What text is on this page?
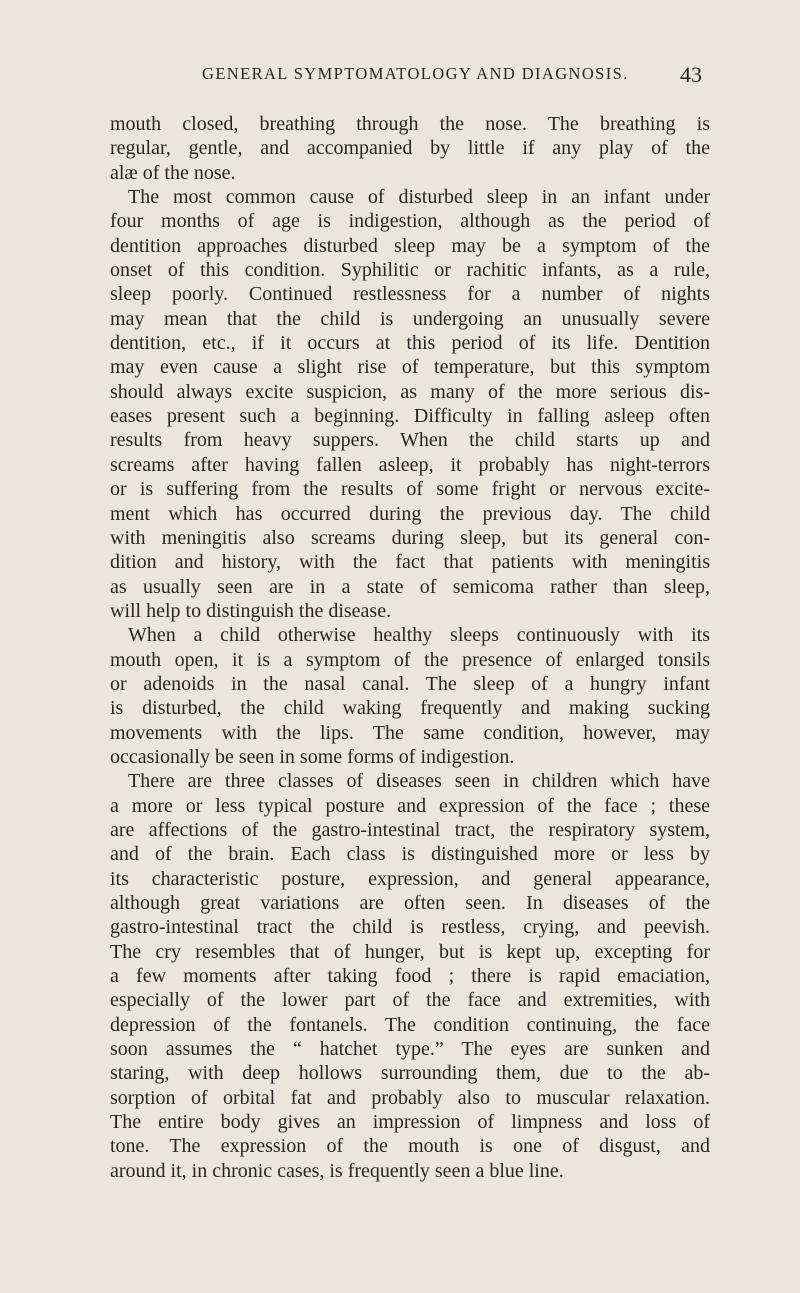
GENERAL SYMPTOMATOLOGY AND DIAGNOSIS. 43
mouth closed, breathing through the nose. The breathing is
regular, gentle, and accompanied by little if any play of the
alæ of the nose.
The most common cause of disturbed sleep in an infant under
four months of age is indigestion, although as the period of
dentition approaches disturbed sleep may be a symptom of the
onset of this condition. Syphilitic or rachitic infants, as a rule,
sleep poorly. Continued restlessness for a number of nights
may mean that the child is undergoing an unusually severe
dentition, etc., if it occurs at this period of its life. Dentition
may even cause a slight rise of temperature, but this symptom
should always excite suspicion, as many of the more serious dis-
eases present such a beginning. Difficulty in falling asleep often
results from heavy suppers. When the child starts up and
screams after having fallen asleep, it probably has night-terrors
or is suffering from the results of some fright or nervous excite-
ment which has occurred during the previous day. The child
with meningitis also screams during sleep, but its general con-
dition and history, with the fact that patients with meningitis
as usually seen are in a state of semicoma rather than sleep,
will help to distinguish the disease.
When a child otherwise healthy sleeps continuously with its
mouth open, it is a symptom of the presence of enlarged tonsils
or adenoids in the nasal canal. The sleep of a hungry infant
is disturbed, the child waking frequently and making sucking
movements with the lips. The same condition, however, may
occasionally be seen in some forms of indigestion.
There are three classes of diseases seen in children which have
a more or less typical posture and expression of the face ; these
are affections of the gastro-intestinal tract, the respiratory system,
and of the brain. Each class is distinguished more or less by
its characteristic posture, expression, and general appearance,
although great variations are often seen. In diseases of the
gastro-intestinal tract the child is restless, crying, and peevish.
The cry resembles that of hunger, but is kept up, excepting for
a few moments after taking food ; there is rapid emaciation,
especially of the lower part of the face and extremities, with
depression of the fontanels. The condition continuing, the face
soon assumes the “ hatchet type.” The eyes are sunken and
staring, with deep hollows surrounding them, due to the ab-
sorption of orbital fat and probably also to muscular relaxation.
The entire body gives an impression of limpness and loss of
tone. The expression of the mouth is one of disgust, and
around it, in chronic cases, is frequently seen a blue line.
